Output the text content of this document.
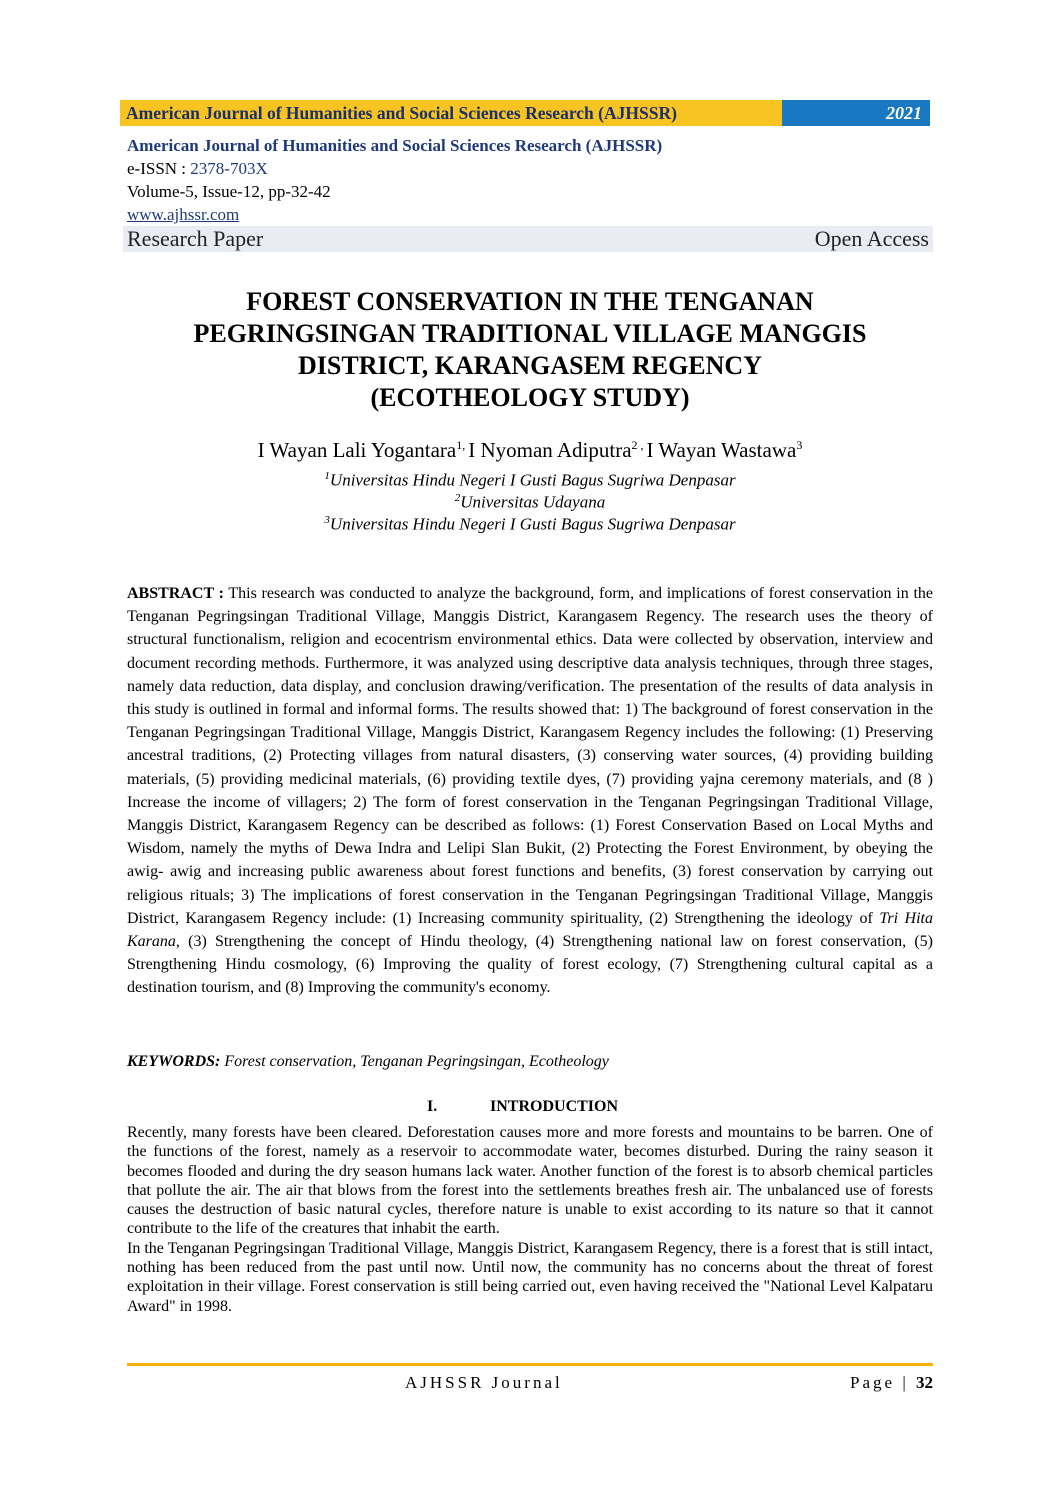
American Journal of Humanities and Social Sciences Research (AJHSSR)	2021
American Journal of Humanities and Social Sciences Research (AJHSSR)
e-ISSN : 2378-703X
Volume-5, Issue-12, pp-32-42
www.ajhssr.com
Research Paper	Open Access
FOREST CONSERVATION IN THE TENGANAN
PEGRINGSINGAN TRADITIONAL VILLAGE MANGGIS
DISTRICT, KARANGASEM REGENCY
(ECOTHEOLOGY STUDY)
I Wayan Lali Yogantara$^{1,}$ I Nyoman Adiputra$^{2 ,}$ I Wayan Wastawa$^3$
$^1$Universitas Hindu Negeri I Gusti Bagus Sugriwa Denpasar
$^2$Universitas Udayana
$^3$Universitas Hindu Negeri I Gusti Bagus Sugriwa Denpasar
ABSTRACT : This research was conducted to analyze the background, form, and implications of forest conservation in the Tenganan Pegringsingan Traditional Village, Manggis District, Karangasem Regency. The research uses the theory of structural functionalism, religion and ecocentrism environmental ethics. Data were collected by observation, interview and document recording methods. Furthermore, it was analyzed using descriptive data analysis techniques, through three stages, namely data reduction, data display, and conclusion drawing/verification. The presentation of the results of data analysis in this study is outlined in formal and informal forms. The results showed that: 1) The background of forest conservation in the Tenganan Pegringsingan Traditional Village, Manggis District, Karangasem Regency includes the following: (1) Preserving ancestral traditions, (2) Protecting villages from natural disasters, (3) conserving water sources, (4) providing building materials, (5) providing medicinal materials, (6) providing textile dyes, (7) providing yajna ceremony materials, and (8 ) Increase the income of villagers; 2) The form of forest conservation in the Tenganan Pegringsingan Traditional Village, Manggis District, Karangasem Regency can be described as follows: (1) Forest Conservation Based on Local Myths and Wisdom, namely the myths of Dewa Indra and Lelipi Slan Bukit, (2) Protecting the Forest Environment, by obeying the awig- awig and increasing public awareness about forest functions and benefits, (3) forest conservation by carrying out religious rituals; 3) The implications of forest conservation in the Tenganan Pegringsingan Traditional Village, Manggis District, Karangasem Regency include: (1) Increasing community spirituality, (2) Strengthening the ideology of Tri Hita Karana, (3) Strengthening the concept of Hindu theology, (4) Strengthening national law on forest conservation, (5) Strengthening Hindu cosmology, (6) Improving the quality of forest ecology, (7) Strengthening cultural capital as a destination tourism, and (8) Improving the community's economy.
KEYWORDS: Forest conservation, Tenganan Pegringsingan, Ecotheology
I.	INTRODUCTION

Recently, many forests have been cleared. Deforestation causes more and more forests and mountains to be barren. One of the functions of the forest, namely as a reservoir to accommodate water, becomes disturbed. During the rainy season it becomes flooded and during the dry season humans lack water. Another function of the forest is to absorb chemical particles that pollute the air. The air that blows from the forest into the settlements breathes fresh air. The unbalanced use of forests causes the destruction of basic natural cycles, therefore nature is unable to exist according to its nature so that it cannot contribute to the life of the creatures that inhabit the earth.

In the Tenganan Pegringsingan Traditional Village, Manggis District, Karangasem Regency, there is a forest that is still intact, nothing has been reduced from the past until now. Until now, the community has no concerns about the threat of forest exploitation in their village. Forest conservation is still being carried out, even having received the "National Level Kalpataru Award" in 1998.

AJHSSR Journal	Page | 32
